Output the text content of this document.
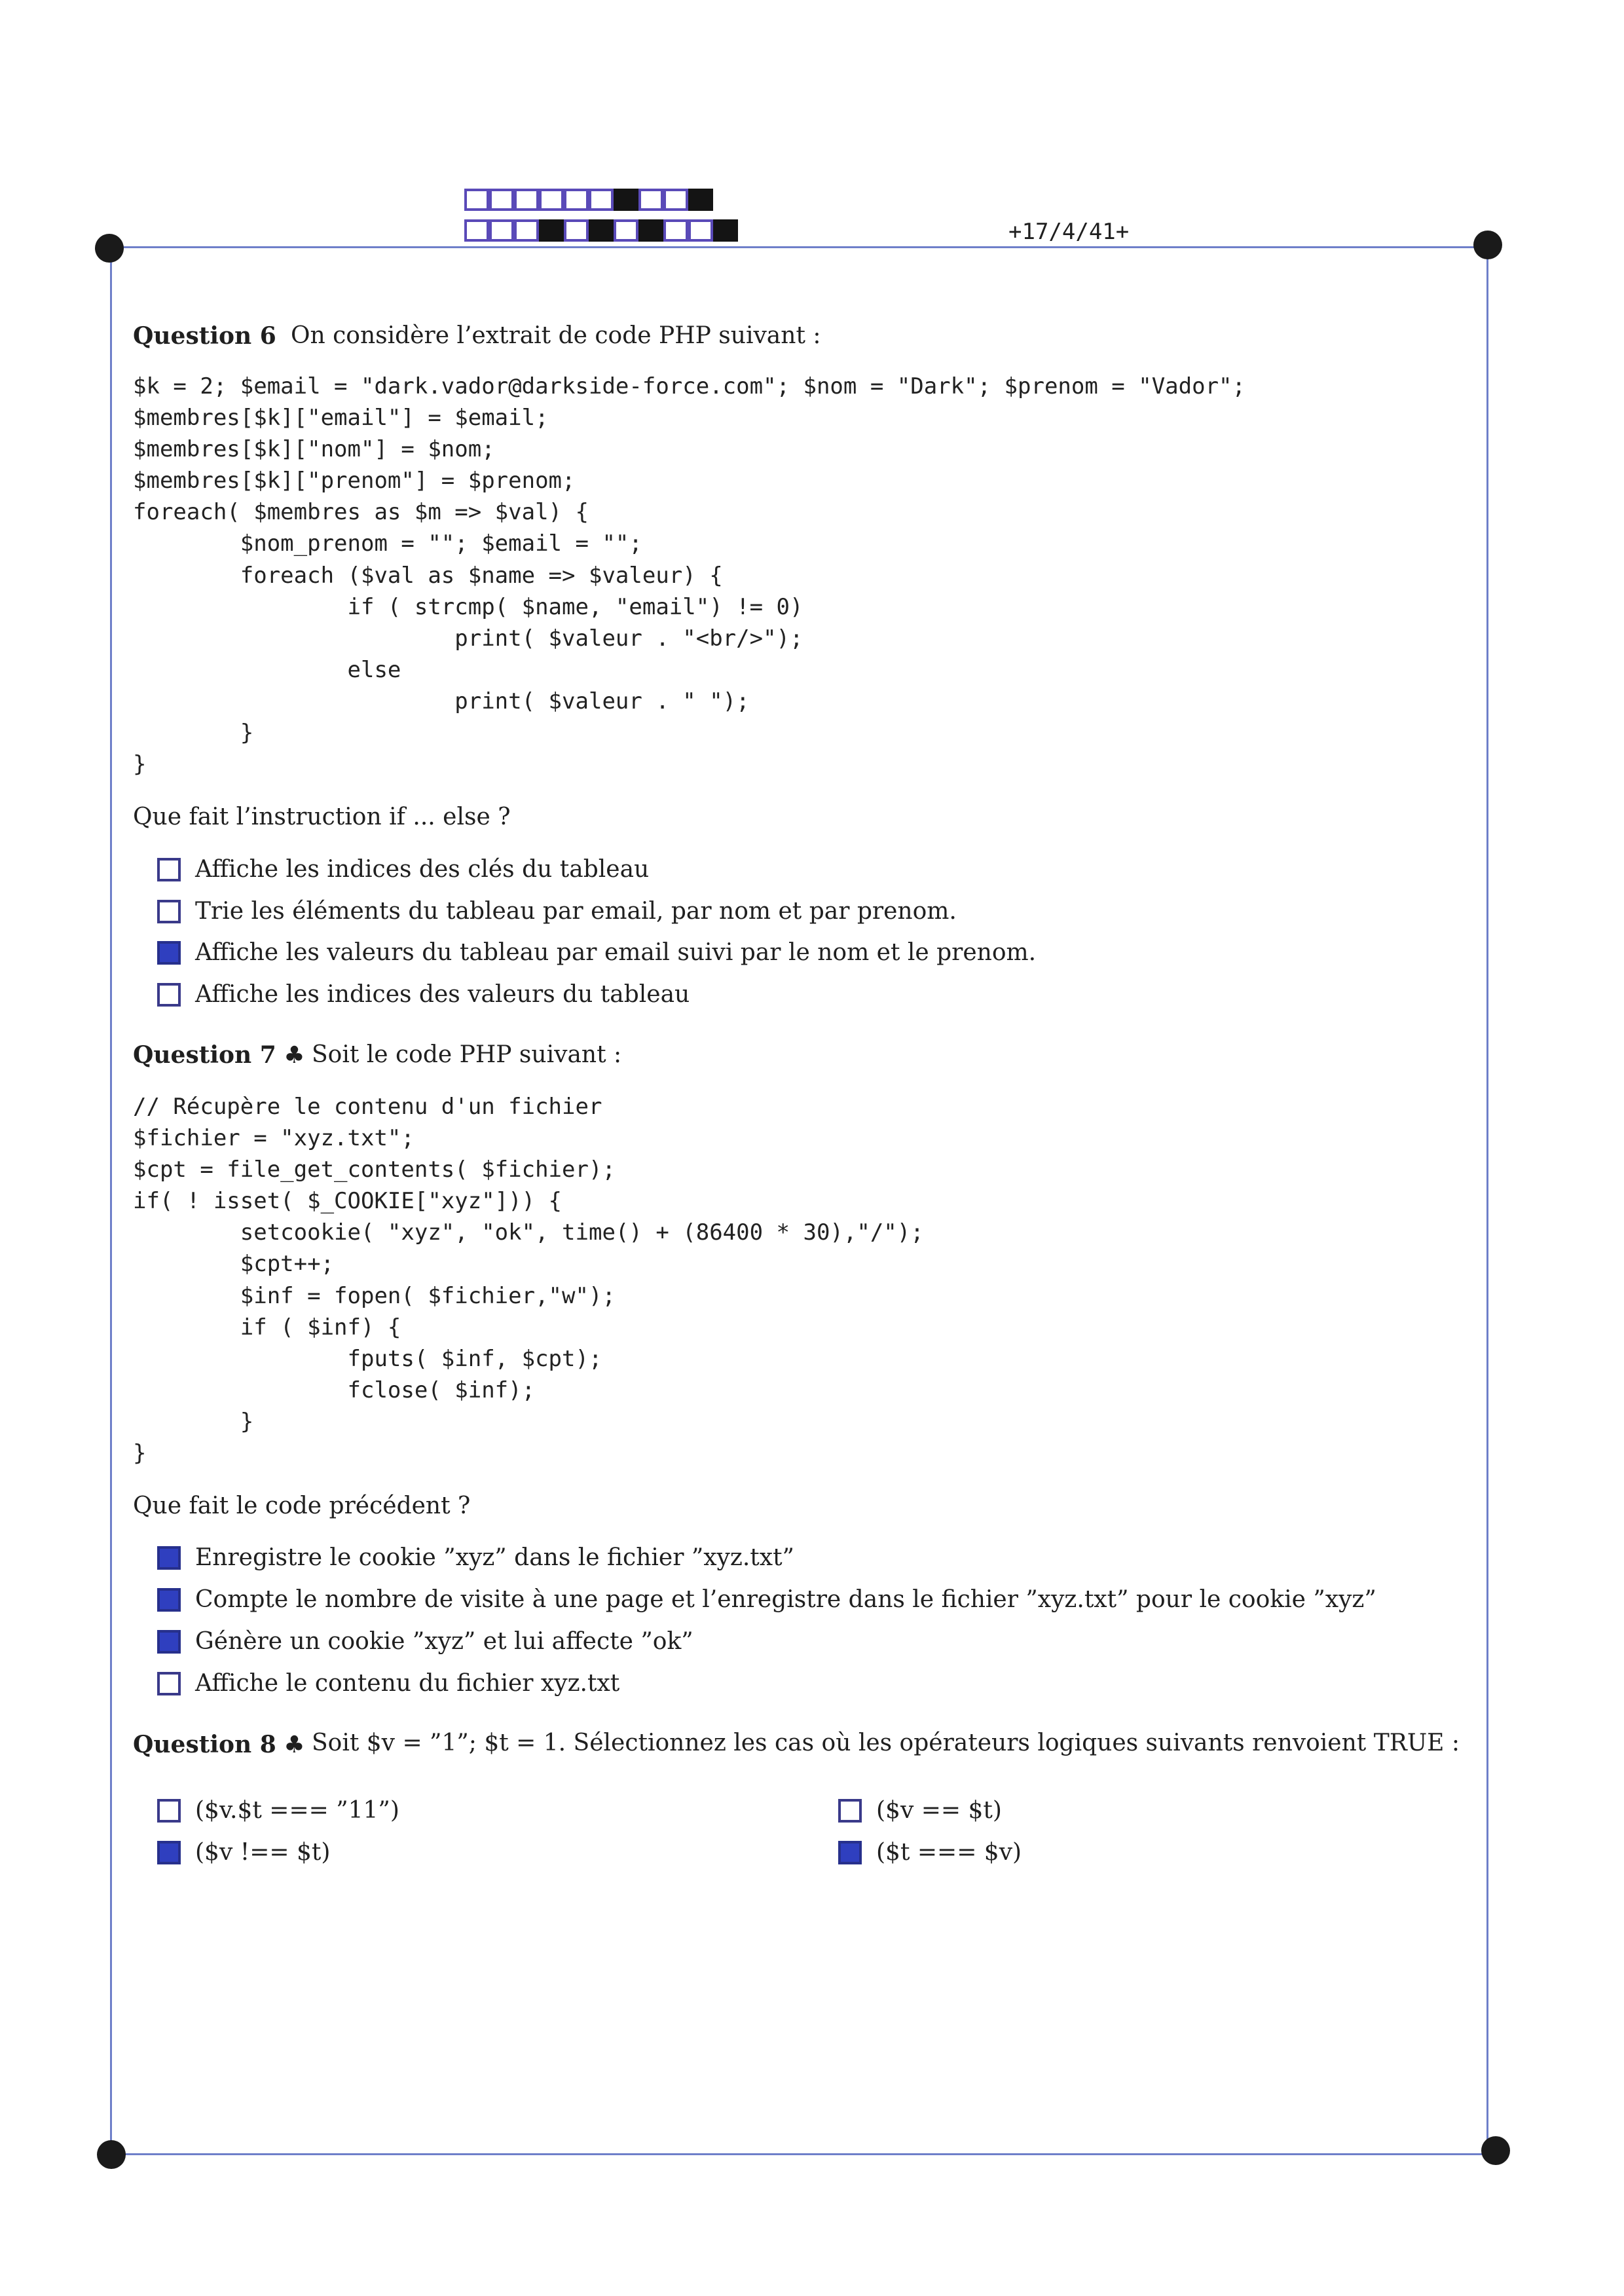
+17/4/41+
Question 6 On considère l’extrait de code PHP suivant :
$k = 2; $email = "dark.vador@darkside-force.com"; $nom = "Dark"; $prenom = "Vador";
$membres[$k]["email"] = $email;
$membres[$k]["nom"] = $nom;
$membres[$k]["prenom"] = $prenom;
foreach( $membres as $m => $val) {
$nom_prenom = ""; $email = "";
foreach ($val as $name => $valeur) {
if ( strcmp( $name, "email") != 0)
print( $valeur . "<br/>");
else
print( $valeur . " ");
}
}
Que fait l’instruction if ... else ?
Affiche les indices des clés du tableau
Trie les éléments du tableau par email, par nom et par prenom.
Affiche les valeurs du tableau par email suivi par le nom et le prenom.
Affiche les indices des valeurs du tableau
Question 7 ♣ Soit le code PHP suivant :
// Récupère le contenu d'un fichier
$fichier = "xyz.txt";
$cpt = file_get_contents( $fichier);
if( ! isset( $_COOKIE["xyz"])) {
setcookie( "xyz", "ok", time() + (86400 * 30),"/");
$cpt++;
$inf = fopen( $fichier,"w");
if ( $inf) {
fputs( $inf, $cpt);
fclose( $inf);
}
}
Que fait le code précédent ?
Enregistre le cookie ”xyz” dans le fichier ”xyz.txt”
Compte le nombre de visite à une page et l’enregistre dans le fichier ”xyz.txt” pour le cookie ”xyz”
Génère un cookie ”xyz” et lui affecte ”ok”
Affiche le contenu du fichier xyz.txt
Question 8 ♣ Soit $v = ”1”; $t = 1. Sélectionnez les cas où les opérateurs logiques suivants renvoient TRUE :
($v.$t === ”11”)
($v !== $t)
($v == $t)
($t === $v)
